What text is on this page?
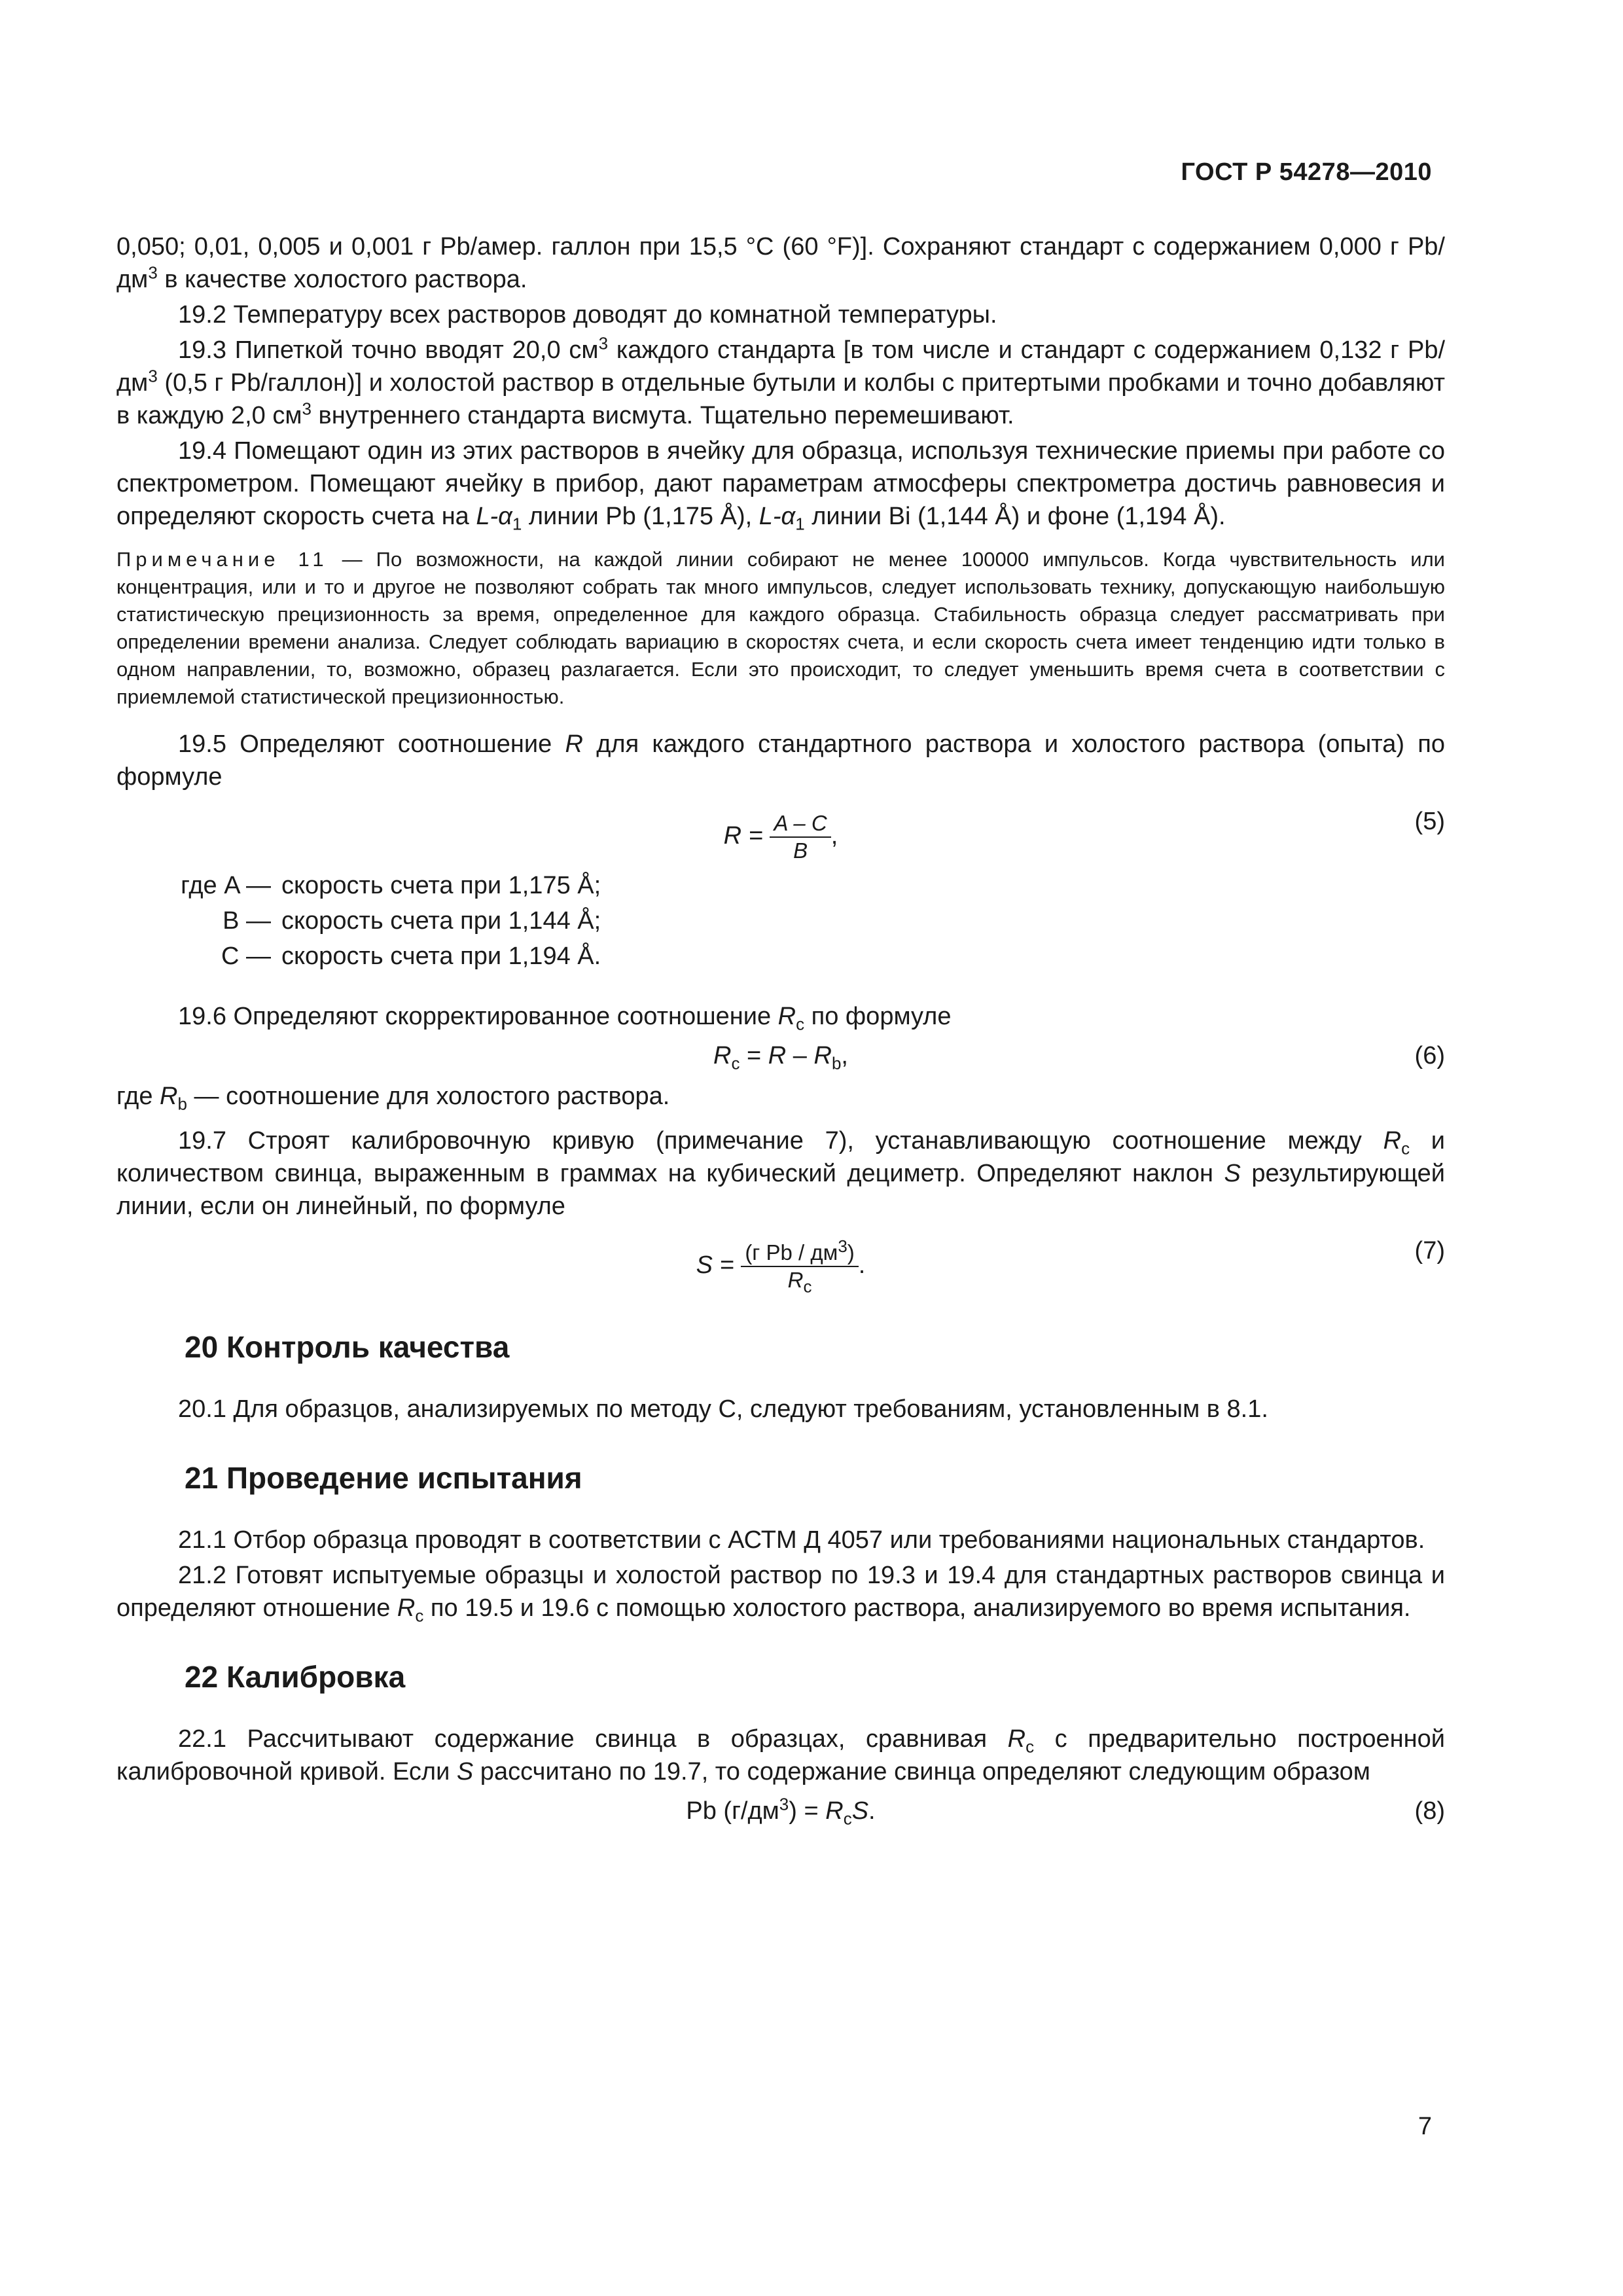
ГОСТ Р 54278—2010

0,050; 0,01, 0,005 и 0,001 г Pb/амер. галлон при 15,5 °С (60 °F)]. Сохраняют стандарт с содержанием 0,000 г $Pb/дм^3$ в качестве холостого раствора.

19.2 Температуру всех растворов доводят до комнатной температуры.

19.3 Пипеткой точно вводят 20,0 $см^3$ каждого стандарта [в том числе и стандарт с содержанием 0,132 г $Pb/дм^3$ (0,5 г Pb/галлон)] и холостой раствор в отдельные бутыли и колбы с притертыми пробками и точно добавляют в каждую 2,0 $см^3$ внутреннего стандарта висмута. Тщательно перемешивают.

19.4 Помещают один из этих растворов в ячейку для образца, используя технические приемы при работе со спектрометром. Помещают ячейку в прибор, дают параметрам атмосферы спектрометра достичь равновесия и определяют скорость счета на $L-\alpha_1$ линии Pb (1,175 Å), $L-\alpha_1$ линии Bi (1,144 Å) и фоне (1,194 Å).

Примечание 11 — По возможности, на каждой линии собирают не менее 100000 импульсов. Когда чувствительность или концентрация, или и то и другое не позволяют собрать так много импульсов, следует использовать технику, допускающую наибольшую статистическую прецизионность за время, определенное для каждого образца. Стабильность образца следует рассматривать при определении времени анализа. Следует соблюдать вариацию в скоростях счета, и если скорость счета имеет тенденцию идти только в одном направлении, то, возможно, образец разлагается. Если это происходит, то следует уменьшить время счета в соответствии с приемлемой статистической прецизионностью.

19.5 Определяют соотношение R для каждого стандартного раствора и холостого раствора (опыта) по формуле

$R = \frac{A - C}{B}$ ,
(5)
где A — скорость счета при 1,175 Å;
B — скорость счета при 1,144 Å;
C — скорость счета при 1,194 Å.

19.6 Определяют скорректированное соотношение $R_c$ по формуле

$R_c = R - R_b$,	(6)

где $R_b$ — соотношение для холостого раствора.

19.7 Строят калибровочную кривую (примечание 7), устанавливающую соотношение между $R_c$ и количеством свинца, выраженным в граммах на кубический дециметр. Определяют наклон S результирующей линии, если он линейный, по формуле

$S = \frac{(г Pb / дм^3)}{R_c}$ .
(7)
20 Контроль качества

20.1 Для образцов, анализируемых по методу С, следуют требованиям, установленным в 8.1.

21 Проведение испытания

21.1 Отбор образца проводят в соответствии с АСТМ Д 4057 или требованиями национальных стандартов.

21.2 Готовят испытуемые образцы и холостой раствор по 19.3 и 19.4 для стандартных растворов свинца и определяют отношение $R_c$ по 19.5 и 19.6 с помощью холостого раствора, анализируемого во время испытания.

22 Калибровка

22.1 Рассчитывают содержание свинца в образцах, сравнивая $R_c$ с предварительно построенной калибровочной кривой. Если S рассчитано по 19.7, то содержание свинца определяют следующим образом

Pb $(г/дм^3) = R_cS$.	(8)
7
